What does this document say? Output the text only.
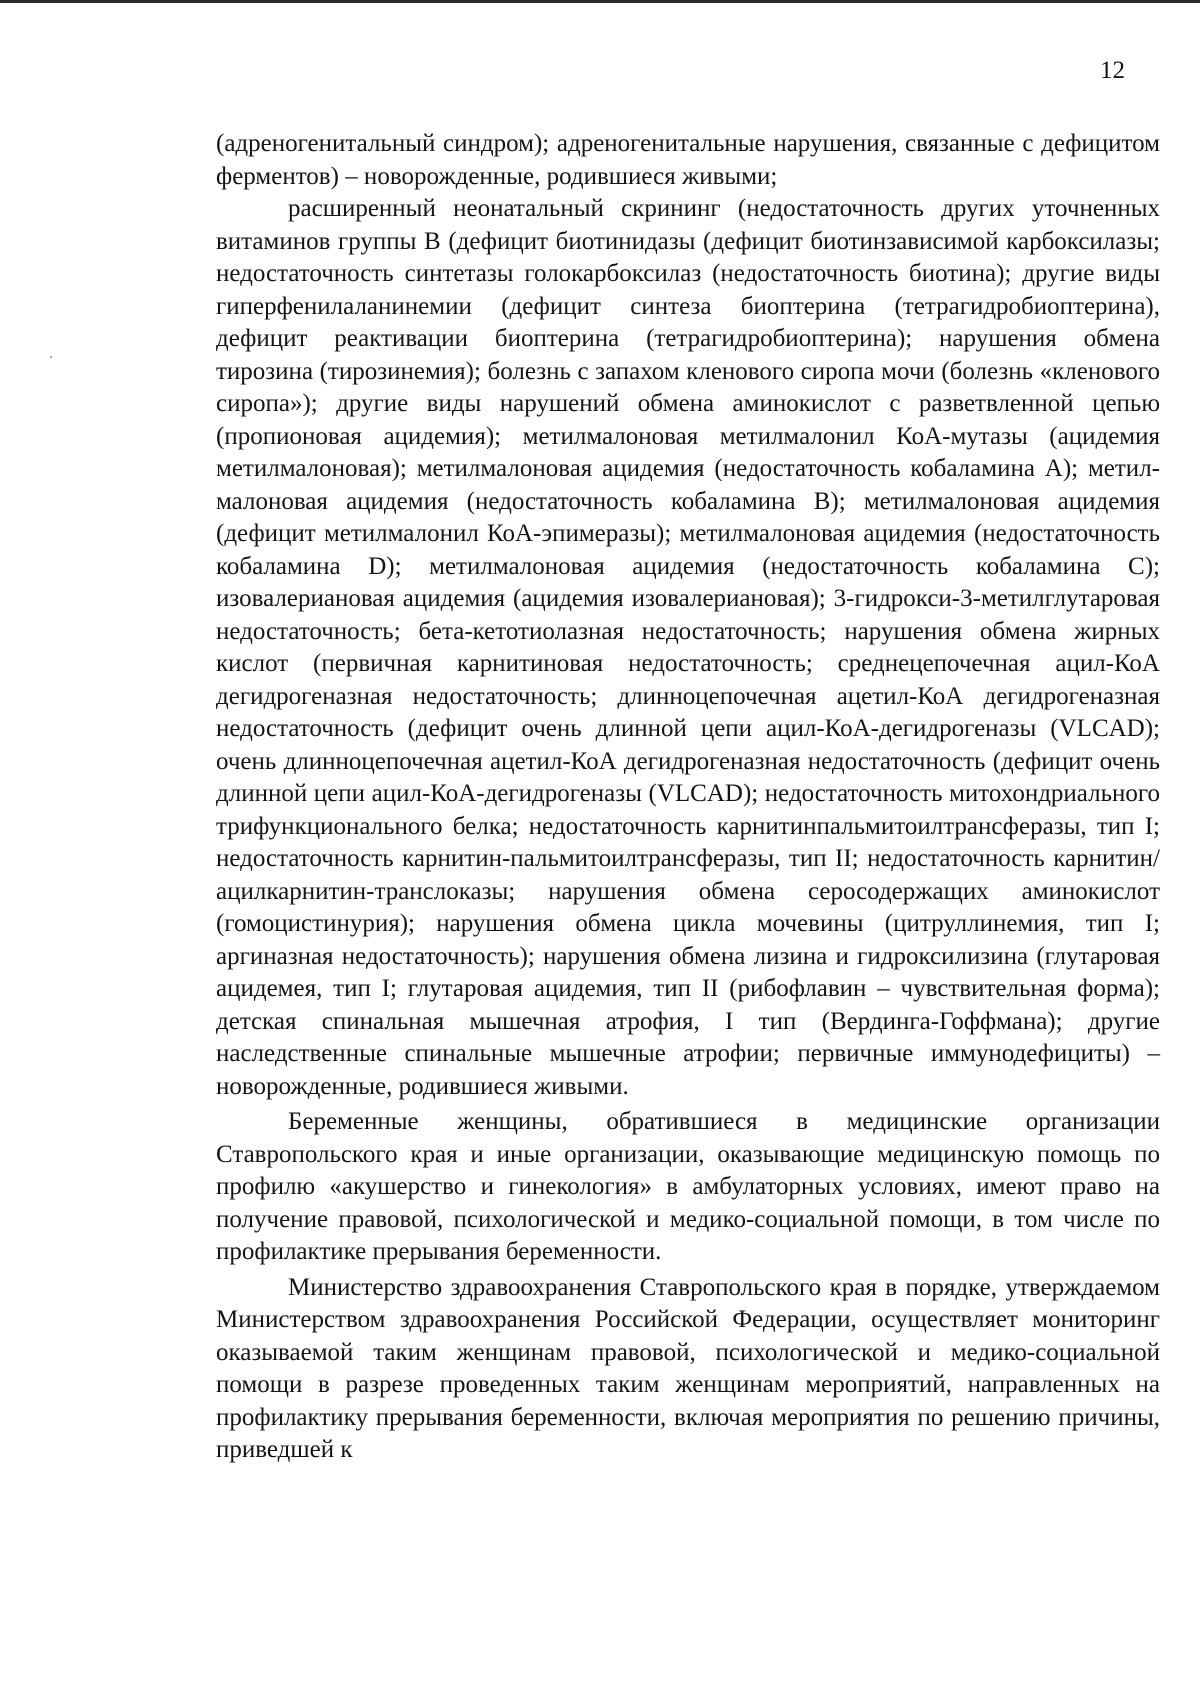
12

(адреногенитальный синдром); адреногенитальные нарушения, связанные с дефицитом ферментов) – новорожденные, родившиеся живыми;

расширенный неонатальный скрининг (недостаточность других уточненных витаминов группы B (дефицит биотинидазы (дефицит биотинзависимой карбоксилазы; недостаточность синтетазы голокарбоксилаз (недостаточность биотина); другие виды гиперфенилаланинемии (дефицит синтеза биоптерина (тетрагидробиоптерина), дефицит реактивации биоптерина (тетрагидробиоптерина); нарушения обмена тирозина (тирозинемия); болезнь с запахом кленового сиропа мочи (болезнь «кленового сиропа»); другие виды нарушений обмена аминокислот с разветвленной цепью (пропионовая ацидемия); метилмалоновая метилмалонил КоА-мутазы (ацидемия метилмалоновая); метилмалоновая ацидемия (недостаточность кобаламина A); метилмалоновая ацидемия (недостаточность кобаламина B); метилмалоновая ацидемия (дефицит метилмалонил КоА-эпимеразы); метилмалоновая ацидемия (недостаточность кобаламина D); метилмалоновая ацидемия (недостаточность кобаламина C); изовалериановая ацидемия (ацидемия изовалериановая); 3-гидрокси-3-метилглутаровая недостаточность; бета-кетотиолазная недостаточность; нарушения обмена жирных кислот (первичная карнитиновая недостаточность; среднецепочечная ацил-КоА дегидрогеназная недостаточность; длинноцепочечная ацетил-КоА дегидрогеназная недостаточность (дефицит очень длинной цепи ацил-КоА-дегидрогеназы (VLCAD); очень длинноцепочечная ацетил-КоА дегидрогеназная недостаточность (дефицит очень длинной цепи ацил-КоА-дегидрогеназы (VLCAD); недостаточность митохондриального трифункционального белка; недостаточность карнитинпальмитоилтрансферазы, тип I; недостаточность карнитин-пальмитоилтрансферазы, тип II; недостаточность карнитин/ацилкарнитин-транслоказы; нарушения обмена серосодержащих аминокислот (гомоцистинурия); нарушения обмена цикла мочевины (цитруллинемия, тип I; аргиназная недостаточность); нарушения обмена лизина и гидроксилизина (глутаровая ацидемея, тип I; глутаровая ацидемия, тип II (рибофлавин – чувствительная форма); детская спинальная мышечная атрофия, I тип (Вердинга-Гоффмана); другие наследственные спинальные мышечные атрофии; первичные иммунодефициты) – новорожденные, родившиеся живыми.

Беременные женщины, обратившиеся в медицинские организации Ставропольского края и иные организации, оказывающие медицинскую помощь по профилю «акушерство и гинекология» в амбулаторных условиях, имеют право на получение правовой, психологической и медико-социальной помощи, в том числе по профилактике прерывания беременности.

Министерство здравоохранения Ставропольского края в порядке, утверждаемом Министерством здравоохранения Российской Федерации, осуществляет мониторинг оказываемой таким женщинам правовой, психологической и медико-социальной помощи в разрезе проведенных таким женщинам мероприятий, направленных на профилактику прерывания беременности, включая мероприятия по решению причины, приведшей к
